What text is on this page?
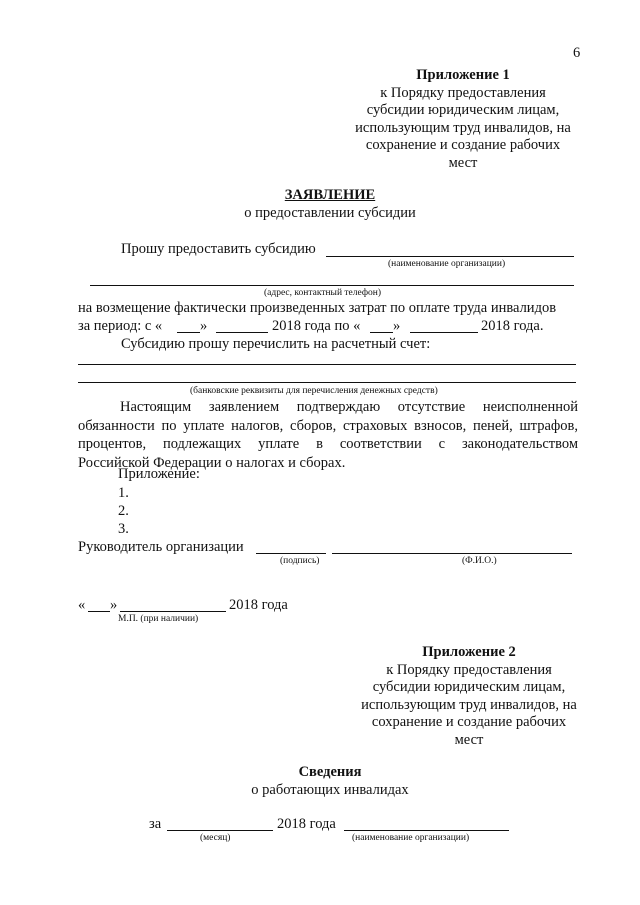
6
Приложение 1
к Порядку предоставления
субсидии юридическим лицам,
использующим труд инвалидов, на
сохранение и создание рабочих
мест
ЗАЯВЛЕНИЕ
о предоставлении субсидии
Прошу предоставить субсидию
(наименование организации)
(адрес, контактный телефон)
на возмещение фактически произведенных затрат по оплате труда инвалидов
за период: с «	»	2018 года по « »	2018 года.
Субсидию прошу перечислить на расчетный счет:
(банковские реквизиты для перечисления денежных средств)
Настоящим заявлением подтверждаю отсутствие неисполненной
обязанности по уплате налогов, сборов, страховых взносов, пеней, штрафов,
процентов, подлежащих уплате в соответствии с законодательством
Российской Федерации о налогах и сборах.
Приложение:
1.
2.
3.
Руководитель организации
(подпись)	(Ф.И.О.)
« »	2018 года
М.П. (при наличии)
Приложение 2
к Порядку предоставления
субсидии юридическим лицам,
использующим труд инвалидов, на
сохранение и создание рабочих
мест
Сведения
о работающих инвалидах
за	2018 года
(месяц)	(наименование организации)
